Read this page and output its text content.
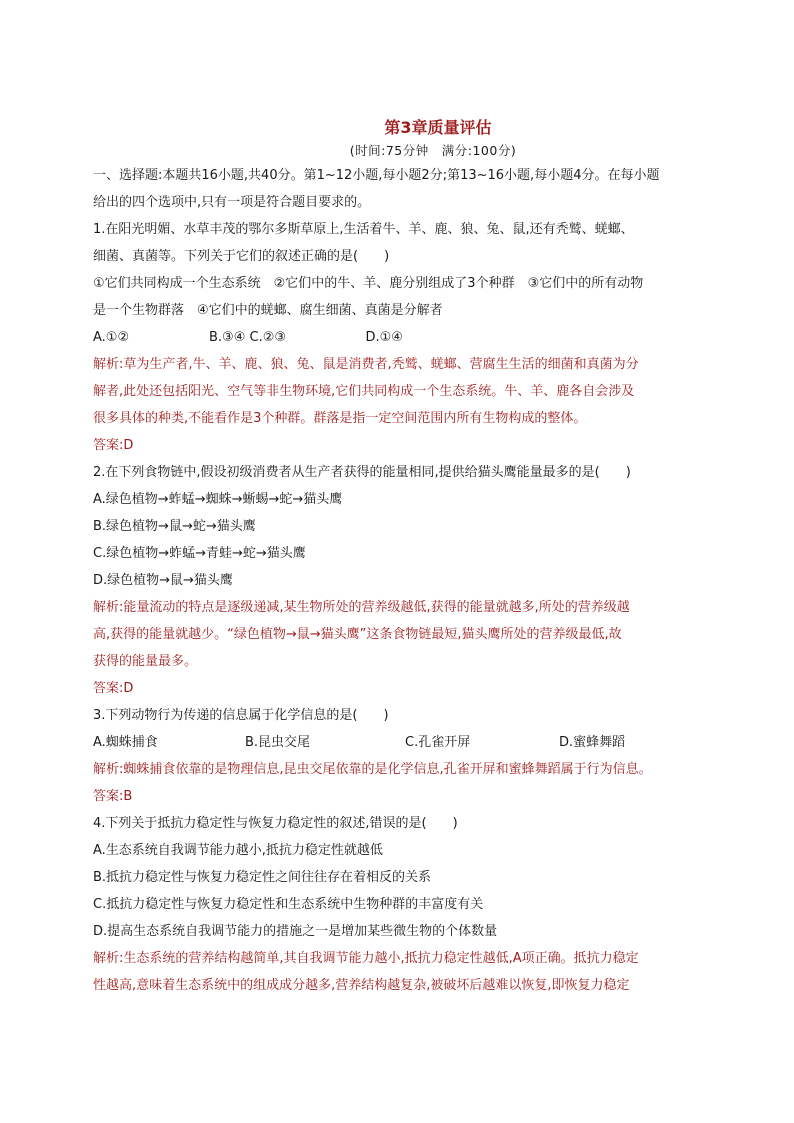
第3章质量评估
(时间:75分钟　满分:100分)
一、选择题:本题共16小题,共40分。第1~12小题,每小题2分;第13~16小题,每小题4分。在每小题
给出的四个选项中,只有一项是符合题目要求的。
1.在阳光明媚、水草丰茂的鄂尔多斯草原上,生活着牛、羊、鹿、狼、兔、鼠,还有秃鹫、蜣螂、
细菌、真菌等。下列关于它们的叙述正确的是(　　)
①它们共同构成一个生态系统　②它们中的牛、羊、鹿分别组成了3个种群　③它们中的所有动物
是一个生物群落　④它们中的蜣螂、腐生细菌、真菌是分解者
A.①②	B.③④ C.②③	D.①④
解析:草为生产者,牛、羊、鹿、狼、兔、鼠是消费者,秃鹫、蜣螂、营腐生生活的细菌和真菌为分
解者,此处还包括阳光、空气等非生物环境,它们共同构成一个生态系统。牛、羊、鹿各自会涉及
很多具体的种类,不能看作是3个种群。群落是指一定空间范围内所有生物构成的整体。
答案:D
2.在下列食物链中,假设初级消费者从生产者获得的能量相同,提供给猫头鹰能量最多的是(　　)
A.绿色植物→蚱蜢→蜘蛛→蜥蜴→蛇→猫头鹰
B.绿色植物→鼠→蛇→猫头鹰
C.绿色植物→蚱蜢→青蛙→蛇→猫头鹰
D.绿色植物→鼠→猫头鹰
解析:能量流动的特点是逐级递减,某生物所处的营养级越低,获得的能量就越多,所处的营养级越
高,获得的能量就越少。“绿色植物→鼠→猫头鹰”这条食物链最短,猫头鹰所处的营养级最低,故
获得的能量最多。
答案:D
3.下列动物行为传递的信息属于化学信息的是(　　)
A.蜘蛛捕食	B.昆虫交尾	C.孔雀开屏	D.蜜蜂舞蹈
解析:蜘蛛捕食依靠的是物理信息,昆虫交尾依靠的是化学信息,孔雀开屏和蜜蜂舞蹈属于行为信息。
答案:B
4.下列关于抵抗力稳定性与恢复力稳定性的叙述,错误的是(　　)
A.生态系统自我调节能力越小,抵抗力稳定性就越低
B.抵抗力稳定性与恢复力稳定性之间往往存在着相反的关系
C.抵抗力稳定性与恢复力稳定性和生态系统中生物种群的丰富度有关
D.提高生态系统自我调节能力的措施之一是增加某些微生物的个体数量
解析:生态系统的营养结构越简单,其自我调节能力越小,抵抗力稳定性越低,A项正确。抵抗力稳定
性越高,意味着生态系统中的组成成分越多,营养结构越复杂,被破坏后越难以恢复,即恢复力稳定
